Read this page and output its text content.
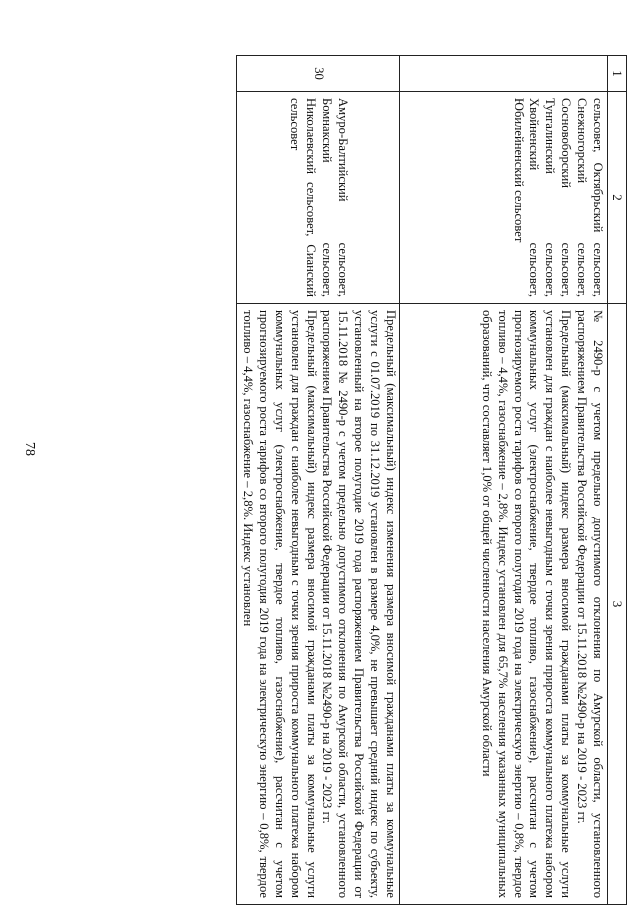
78
1	2	3

	сельсовет, Октябрьский сельсовет, Снежногорский сельсовет, Сосновоборский сельсовет, Тунгалинский сельсовет, Хвойненский сельсовет, Юбилейненский сельсовет	№ 2490-р с учетом предельно допустимого отклонения по Амурской области, установленного распоряжением Правительства Российской Федерации от 15.11.2018 №2490-р на 2019 - 2023 гг.
Предельный (максимальный) индекс размера вносимой гражданами платы за коммунальные услуги установлен для граждан с наиболее невыгодным с точки зрения прироста коммунального платежа набором коммунальных услуг (электроснабжение, твердое топливо, газоснабжение), рассчитан с учетом прогнозируемого роста тарифов со второго полугодия 2019 года на электрическую энергию – 0,8%, твердое топливо – 4,4%, газоснабжение – 2,8%. Индекс установлен для 65,7% населения указанных муниципальных образований, что составляет 1,0% от общей численности населения Амурской области

30	Амуро-Балтийский сельсовет, Бомнакский сельсовет, Николаевский сельсовет, Сианский сельсовет	Предельный (максимальный) индекс изменения размера вносимой гражданами платы за коммунальные услуги с 01.07.2019 по 31.12.2019 установлен в размере 4,0%, не превышает средний индекс по субъекту, установленный на второе полугодие 2019 года распоряжением Правительства Российской Федерации от 15.11.2018 № 2490-р с учетом предельно допустимого отклонения по Амурской области, установленного распоряжением Правительства Российской Федерации от 15.11.2018 №2490-р на 2019 - 2023 гг.
Предельный (максимальный) индекс размера вносимой гражданами платы за коммунальные услуги установлен для граждан с наиболее невыгодным с точки зрения прироста коммунального платежа набором коммунальных услуг (электроснабжение, твердое топливо, газоснабжение), рассчитан с учетом прогнозируемого роста тарифов со второго полугодия 2019 года на электрическую энергию – 0,8%, твердое топливо – 4,4%, газоснабжение – 2,8%. Индекс установлен
